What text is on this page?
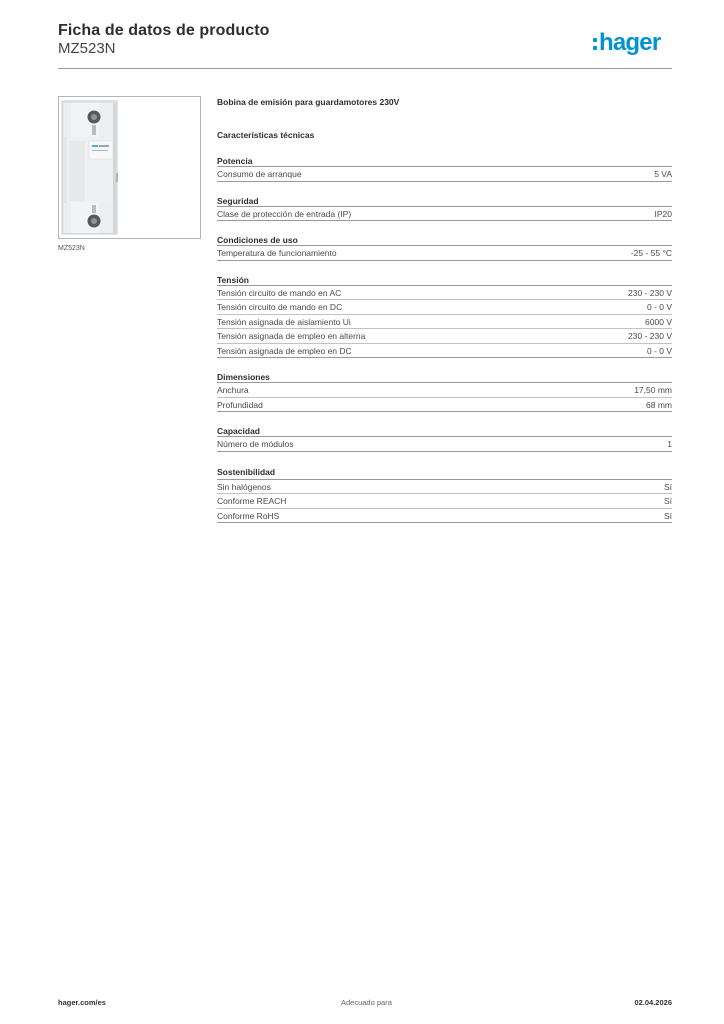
Ficha de datos de producto
MZ523N	hager
MZ523N
Bobina de emisión para guardamotores 230V
Características técnicas
Potencia
Consumo de arranque	5 VA
Seguridad
Clase de protección de entrada (IP)	IP20
Condiciones de uso
Temperatura de funcionamiento	-25 - 55 °C
Tensión
Tensión circuito de mando en AC	230 - 230 V
Tensión circuito de mando en DC	0 - 0 V
Tensión asignada de aislamiento Ui	6000 V
Tensión asignada de empleo en alterna	230 - 230 V
Tensión asignada de empleo en DC	0 - 0 V
Dimensiones
Anchura	17,50 mm
Profundidad	68 mm
Capacidad
Número de módulos	1
Sostenibilidad
Sin halógenos	Sí
Conforme REACH	Sí
Conforme RoHS	Sí
hager.com/es	Adecuado para	02.04.2026
